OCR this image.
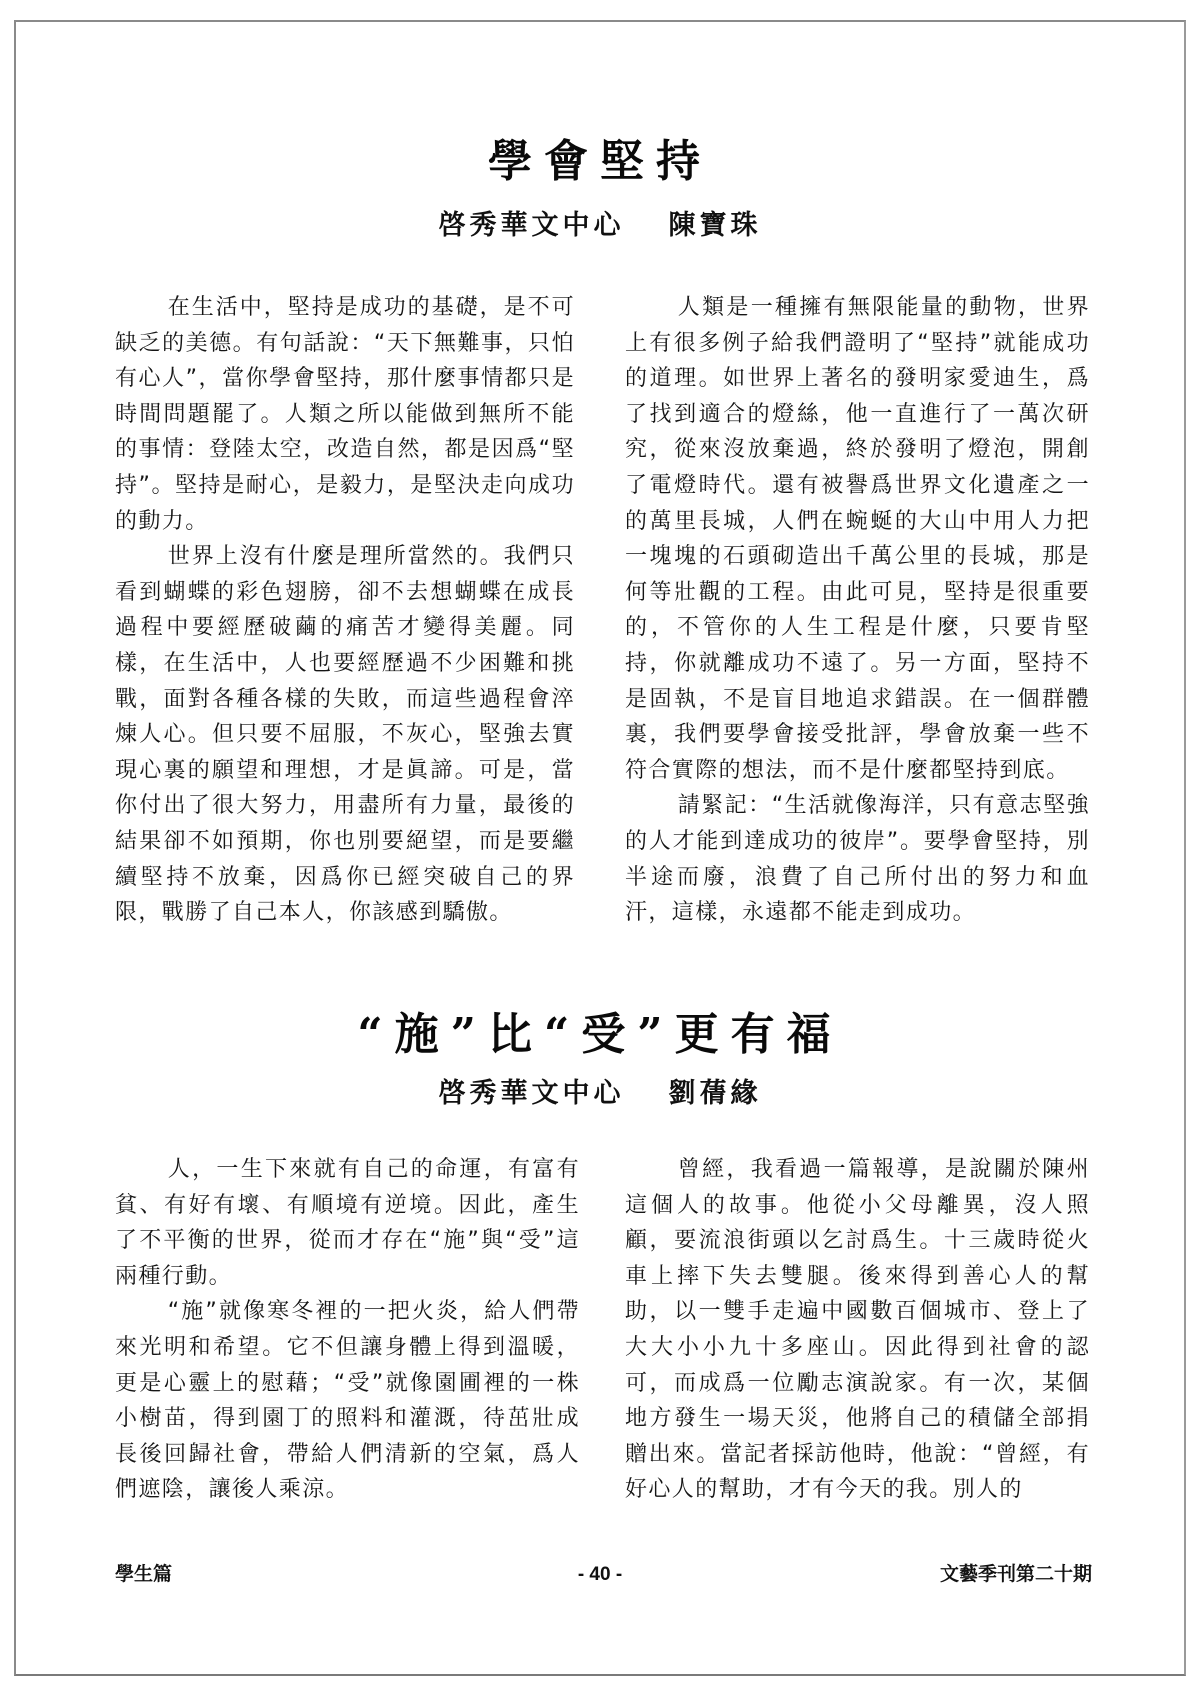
學會堅持
啓秀華文中心 陳寶珠

在生活中，堅持是成功的基礎，是不可缺乏的美德。有句話說：“天下無難事，只怕有心人”，當你學會堅持，那什麼事情都只是時間問題罷了。人類之所以能做到無所不能的事情：登陸太空，改造自然，都是因爲“堅持”。堅持是耐心，是毅力，是堅決走向成功的動力。

世界上沒有什麼是理所當然的。我們只看到蝴蝶的彩色翅膀，卻不去想蝴蝶在成長過程中要經歷破繭的痛苦才變得美麗。同樣，在生活中，人也要經歷過不少困難和挑戰，面對各種各樣的失敗，而這些過程會淬煉人心。但只要不屈服，不灰心，堅強去實現心裏的願望和理想，才是眞諦。可是，當你付出了很大努力，用盡所有力量，最後的結果卻不如預期，你也別要絕望，而是要繼續堅持不放棄，因爲你已經突破自己的界限，戰勝了自己本人，你該感到驕傲。

人類是一種擁有無限能量的動物，世界上有很多例子給我們證明了“堅持”就能成功的道理。如世界上著名的發明家愛迪生，爲了找到適合的燈絲，他一直進行了一萬次研究，從來沒放棄過，終於發明了燈泡，開創了電燈時代。還有被譽爲世界文化遺產之一的萬里長城，人們在蜿蜒的大山中用人力把一塊塊的石頭砌造出千萬公里的長城，那是何等壯觀的工程。由此可見，堅持是很重要的，不管你的人生工程是什麼，只要肯堅持，你就離成功不遠了。另一方面，堅持不是固執，不是盲目地追求錯誤。在一個群體裏，我們要學會接受批評，學會放棄一些不符合實際的想法，而不是什麼都堅持到底。

請緊記：“生活就像海洋，只有意志堅強的人才能到達成功的彼岸”。要學會堅持，別半途而廢，浪費了自己所付出的努力和血汗，這樣，永遠都不能走到成功。

“施”比“受”更有福
啓秀華文中心 劉蒨緣

人，一生下來就有自己的命運，有富有貧、有好有壞、有順境有逆境。因此，產生了不平衡的世界，從而才存在“施”與“受”這兩種行動。

“施”就像寒冬裡的一把火炎，給人們帶來光明和希望。它不但讓身體上得到溫暖，更是心靈上的慰藉；“受”就像園圃裡的一株小樹苗，得到園丁的照料和灌溉，待茁壯成長後回歸社會，帶給人們清新的空氣，爲人們遮陰，讓後人乘涼。

曾經，我看過一篇報導，是說關於陳州這個人的故事。他從小父母離異，沒人照顧，要流浪街頭以乞討爲生。十三歲時從火車上摔下失去雙腿。後來得到善心人的幫助，以一雙手走遍中國數百個城市、登上了大大小小九十多座山。因此得到社會的認可，而成爲一位勵志演說家。有一次，某個地方發生一場天災，他將自己的積儲全部捐贈出來。當記者採訪他時，他說：“曾經，有好心人的幫助，才有今天的我。別人的

學生篇	- 40 -	文藝季刊第二十期
